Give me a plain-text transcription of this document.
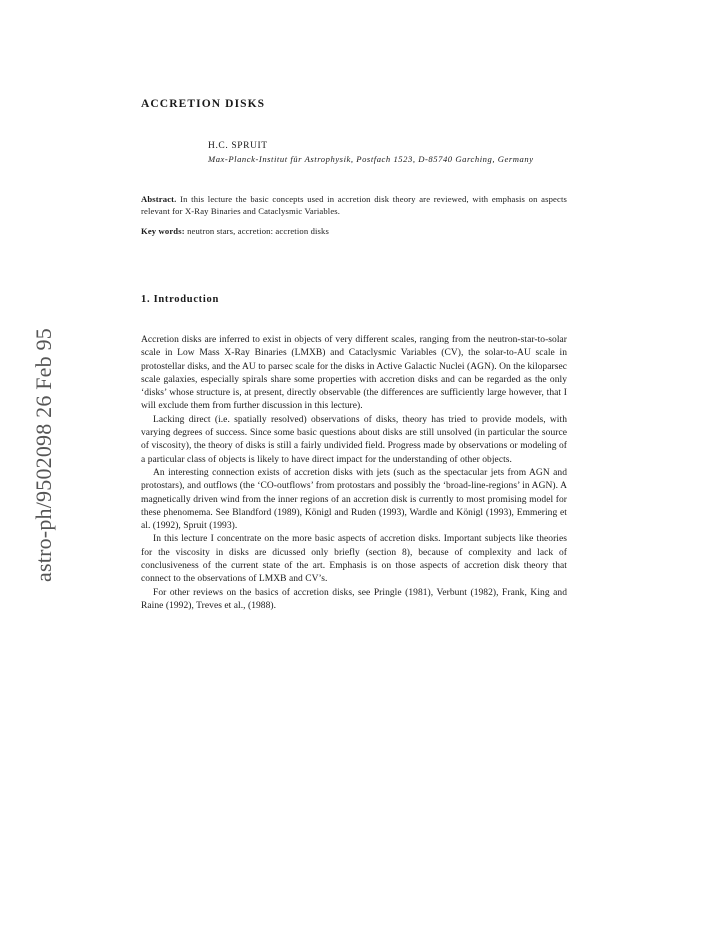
astro-ph/9502098 26 Feb 95
ACCRETION DISKS
H.C. SPRUIT
Max-Planck-Institut für Astrophysik, Postfach 1523, D-85740 Garching, Germany
Abstract. In this lecture the basic concepts used in accretion disk theory are reviewed, with emphasis on aspects relevant for X-Ray Binaries and Cataclysmic Variables.
Key words: neutron stars, accretion: accretion disks
1. Introduction

Accretion disks are inferred to exist in objects of very different scales, ranging from the neutron-star-to-solar scale in Low Mass X-Ray Binaries (LMXB) and Cataclysmic Variables (CV), the solar-to-AU scale in protostellar disks, and the AU to parsec scale for the disks in Active Galactic Nuclei (AGN). On the kiloparsec scale galaxies, especially spirals share some properties with accretion disks and can be regarded as the only ‘disks’ whose structure is, at present, directly observable (the differences are sufficiently large however, that I will exclude them from further discussion in this lecture).

Lacking direct (i.e. spatially resolved) observations of disks, theory has tried to provide models, with varying degrees of success. Since some basic questions about disks are still unsolved (in particular the source of viscosity), the theory of disks is still a fairly undivided field. Progress made by observations or modeling of a particular class of objects is likely to have direct impact for the understanding of other objects.

An interesting connection exists of accretion disks with jets (such as the spectacular jets from AGN and protostars), and outflows (the ‘CO-outflows’ from protostars and possibly the ‘broad-line-regions’ in AGN). A magnetically driven wind from the inner regions of an accretion disk is currently to most promising model for these phenomema. See Blandford (1989), Königl and Ruden (1993), Wardle and Königl (1993), Emmering et al. (1992), Spruit (1993).

In this lecture I concentrate on the more basic aspects of accretion disks. Important subjects like theories for the viscosity in disks are dicussed only briefly (section 8), because of complexity and lack of conclusiveness of the current state of the art. Emphasis is on those aspects of accretion disk theory that connect to the observations of LMXB and CV’s.

For other reviews on the basics of accretion disks, see Pringle (1981), Verbunt (1982), Frank, King and Raine (1992), Treves et al., (1988).
